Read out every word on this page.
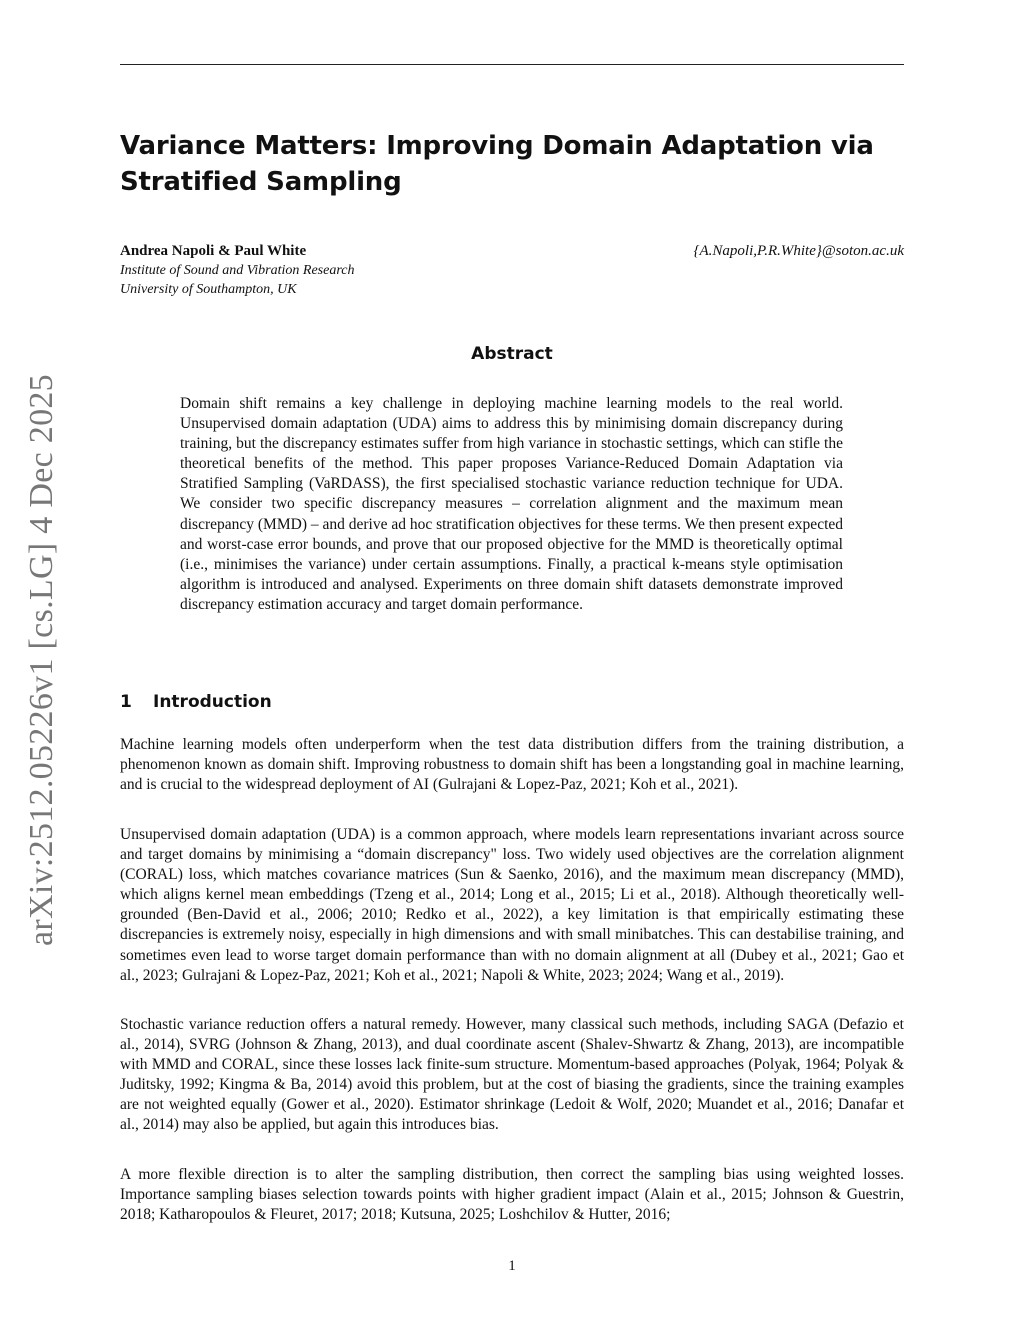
arXiv:2512.05226v1 [cs.LG] 4 Dec 2025
Variance Matters: Improving Domain Adaptation via Stratified Sampling
Andrea Napoli & Paul White	{A.Napoli,P.R.White}@soton.ac.uk
Institute of Sound and Vibration Research
University of Southampton, UK
Abstract
Domain shift remains a key challenge in deploying machine learning models to the real world. Unsupervised domain adaptation (UDA) aims to address this by minimising domain discrepancy during training, but the discrepancy estimates suffer from high variance in stochastic settings, which can stifle the theoretical benefits of the method. This paper proposes Variance-Reduced Domain Adaptation via Stratified Sampling (VaRDASS), the first specialised stochastic variance reduction technique for UDA. We consider two specific discrepancy measures – correlation alignment and the maximum mean discrepancy (MMD) – and derive ad hoc stratification objectives for these terms. We then present expected and worst-case error bounds, and prove that our proposed objective for the MMD is theoretically optimal (i.e., minimises the variance) under certain assumptions. Finally, a practical k-means style optimisation algorithm is introduced and analysed. Experiments on three domain shift datasets demonstrate improved discrepancy estimation accuracy and target domain performance.
1 Introduction

Machine learning models often underperform when the test data distribution differs from the training distribution, a phenomenon known as domain shift. Improving robustness to domain shift has been a longstanding goal in machine learning, and is crucial to the widespread deployment of AI (Gulrajani & Lopez-Paz, 2021; Koh et al., 2021).

Unsupervised domain adaptation (UDA) is a common approach, where models learn representations invariant across source and target domains by minimising a “domain discrepancy" loss. Two widely used objectives are the correlation alignment (CORAL) loss, which matches covariance matrices (Sun & Saenko, 2016), and the maximum mean discrepancy (MMD), which aligns kernel mean embeddings (Tzeng et al., 2014; Long et al., 2015; Li et al., 2018). Although theoretically well-grounded (Ben-David et al., 2006; 2010; Redko et al., 2022), a key limitation is that empirically estimating these discrepancies is extremely noisy, especially in high dimensions and with small minibatches. This can destabilise training, and sometimes even lead to worse target domain performance than with no domain alignment at all (Dubey et al., 2021; Gao et al., 2023; Gulrajani & Lopez-Paz, 2021; Koh et al., 2021; Napoli & White, 2023; 2024; Wang et al., 2019).

Stochastic variance reduction offers a natural remedy. However, many classical such methods, including SAGA (Defazio et al., 2014), SVRG (Johnson & Zhang, 2013), and dual coordinate ascent (Shalev-Shwartz & Zhang, 2013), are incompatible with MMD and CORAL, since these losses lack finite-sum structure. Momentum-based approaches (Polyak, 1964; Polyak & Juditsky, 1992; Kingma & Ba, 2014) avoid this problem, but at the cost of biasing the gradients, since the training examples are not weighted equally (Gower et al., 2020). Estimator shrinkage (Ledoit & Wolf, 2020; Muandet et al., 2016; Danafar et al., 2014) may also be applied, but again this introduces bias.

A more flexible direction is to alter the sampling distribution, then correct the sampling bias using weighted losses. Importance sampling biases selection towards points with higher gradient impact (Alain et al., 2015; Johnson & Guestrin, 2018; Katharopoulos & Fleuret, 2017; 2018; Kutsuna, 2025; Loshchilov & Hutter, 2016;

1
